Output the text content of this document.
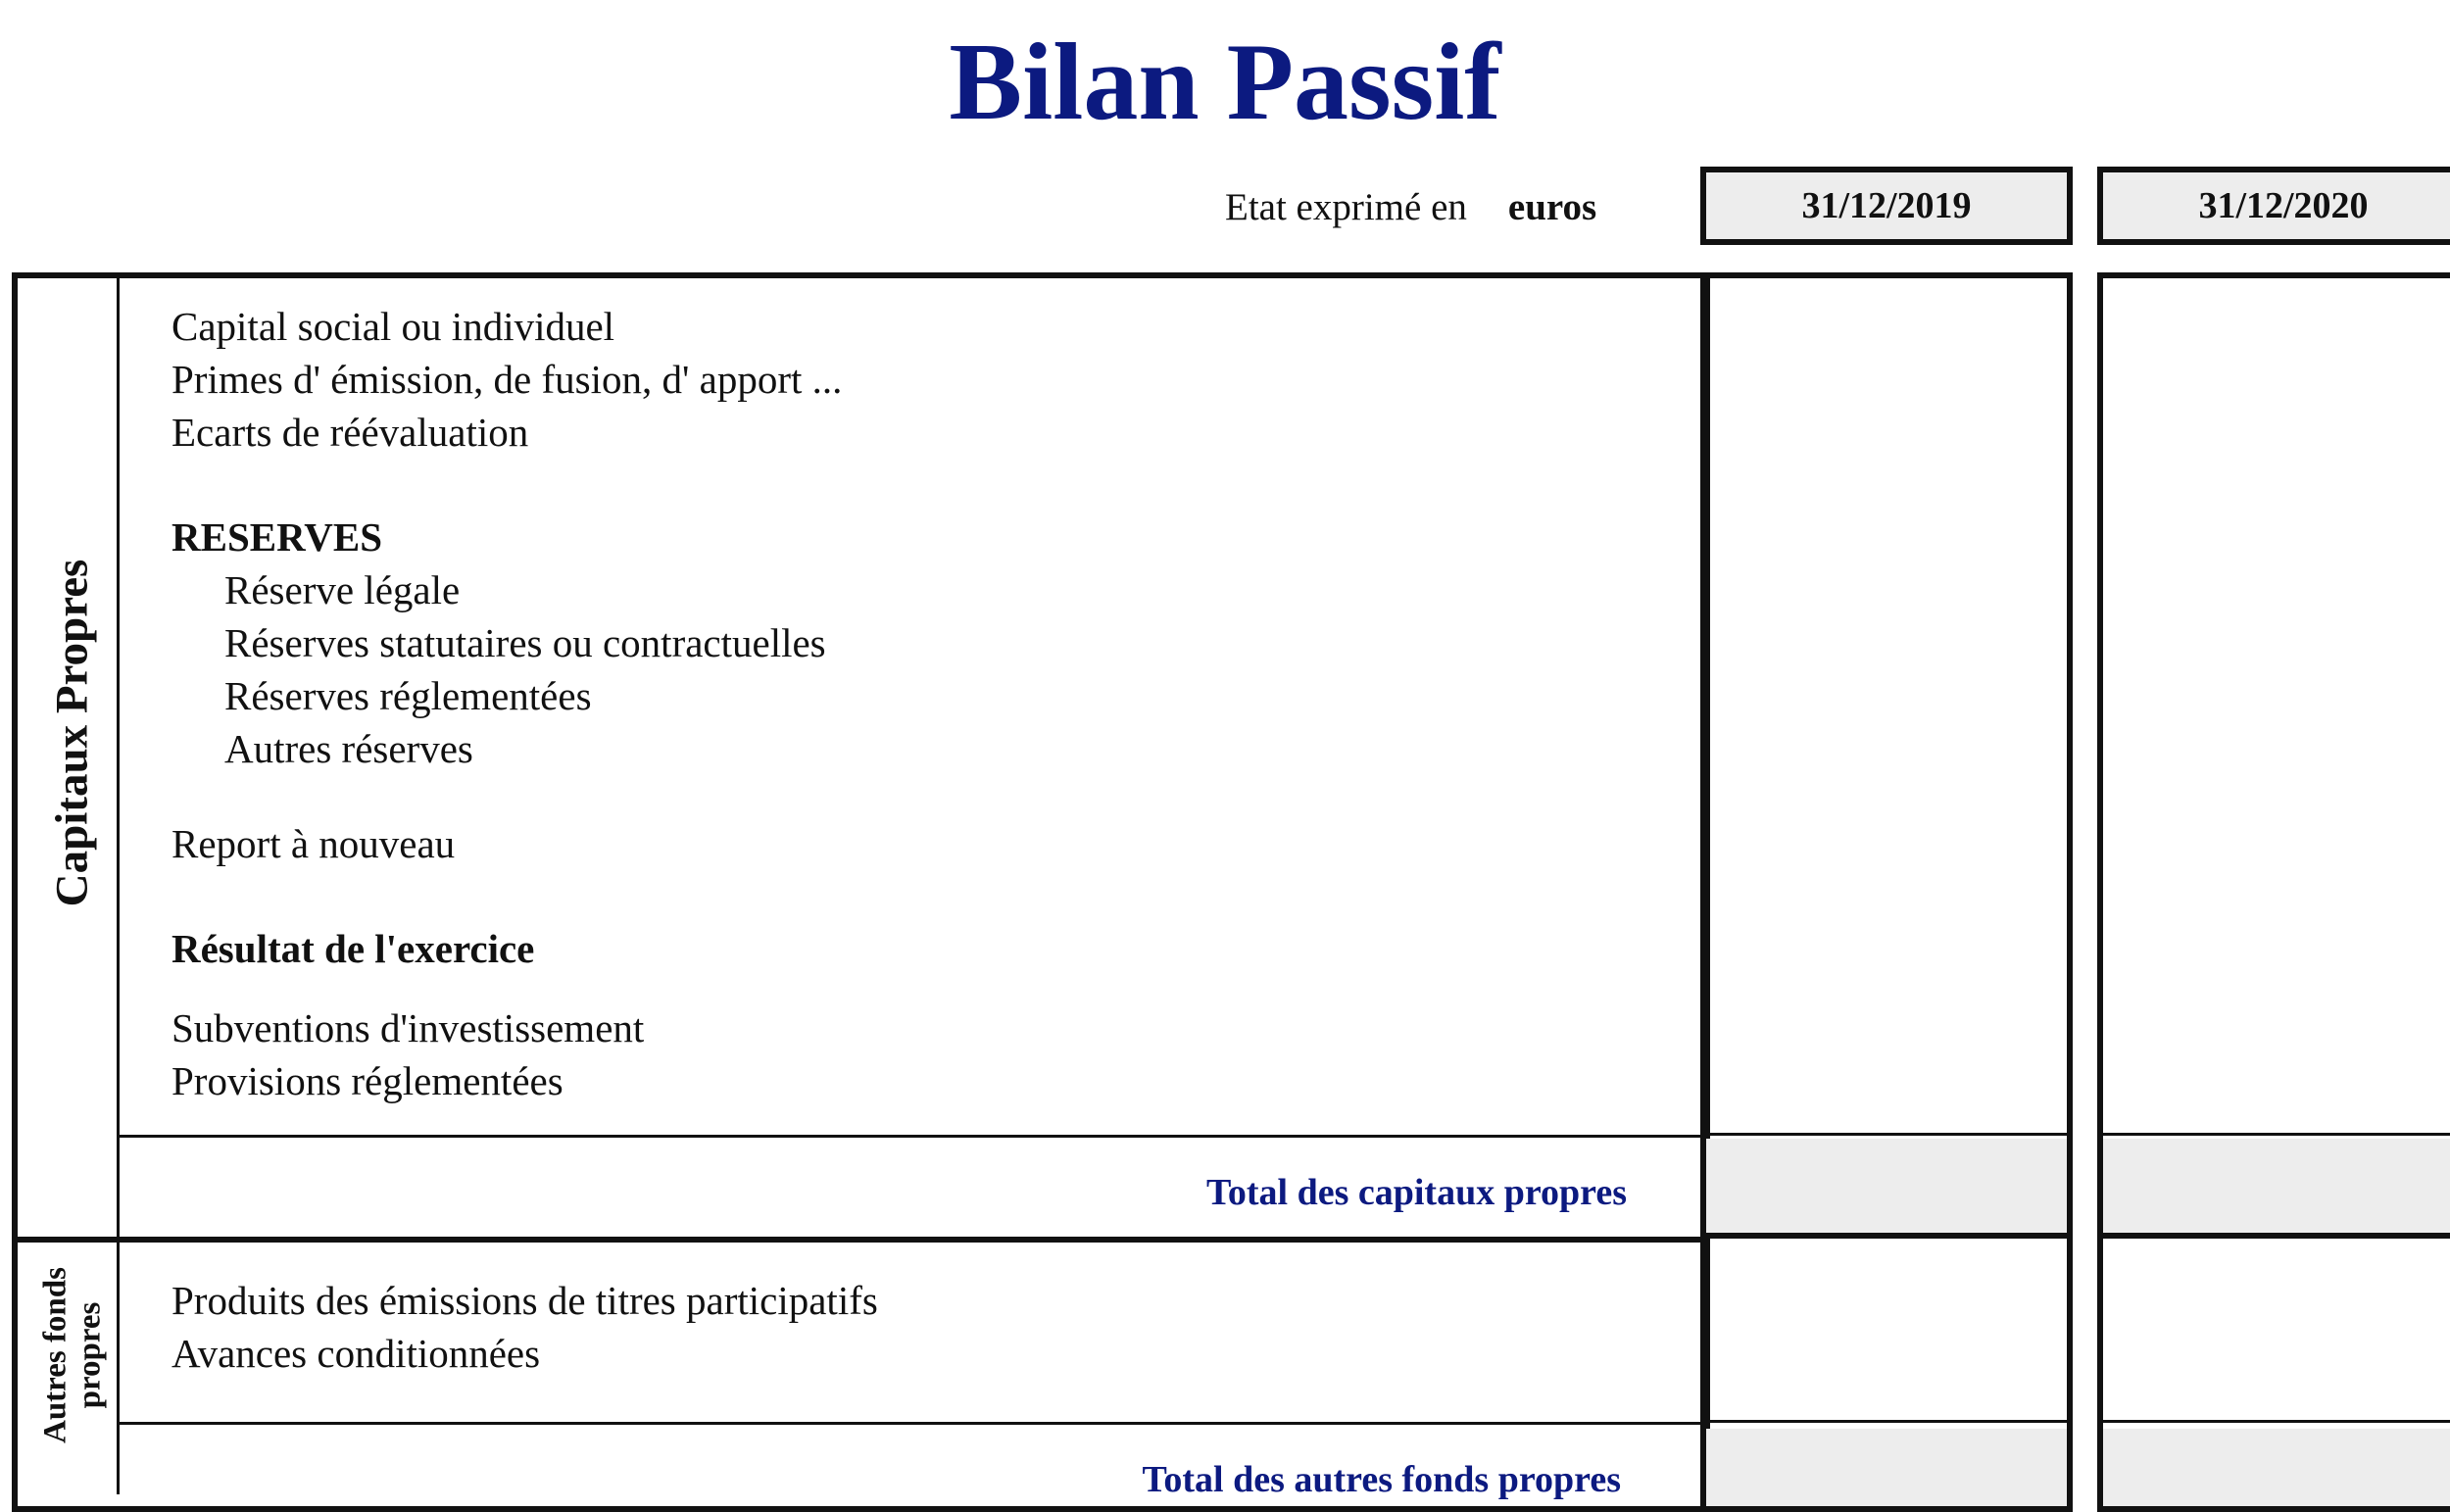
Bilan Passif
Etat exprimé en euros	31/12/2019	31/12/2020
Capitaux Propres
Autres fonds propres
Capital social ou individuel
Primes d' émission, de fusion, d' apport ...
Ecarts de réévaluation
RESERVES
Réserve légale
Réserves statutaires ou contractuelles
Réserves réglementées
Autres réserves
Report à nouveau
Résultat de l'exercice
Subventions d'investissement
Provisions réglementées
Total des capitaux propres
Produits des émissions de titres participatifs
Avances conditionnées
Total des autres fonds propres
